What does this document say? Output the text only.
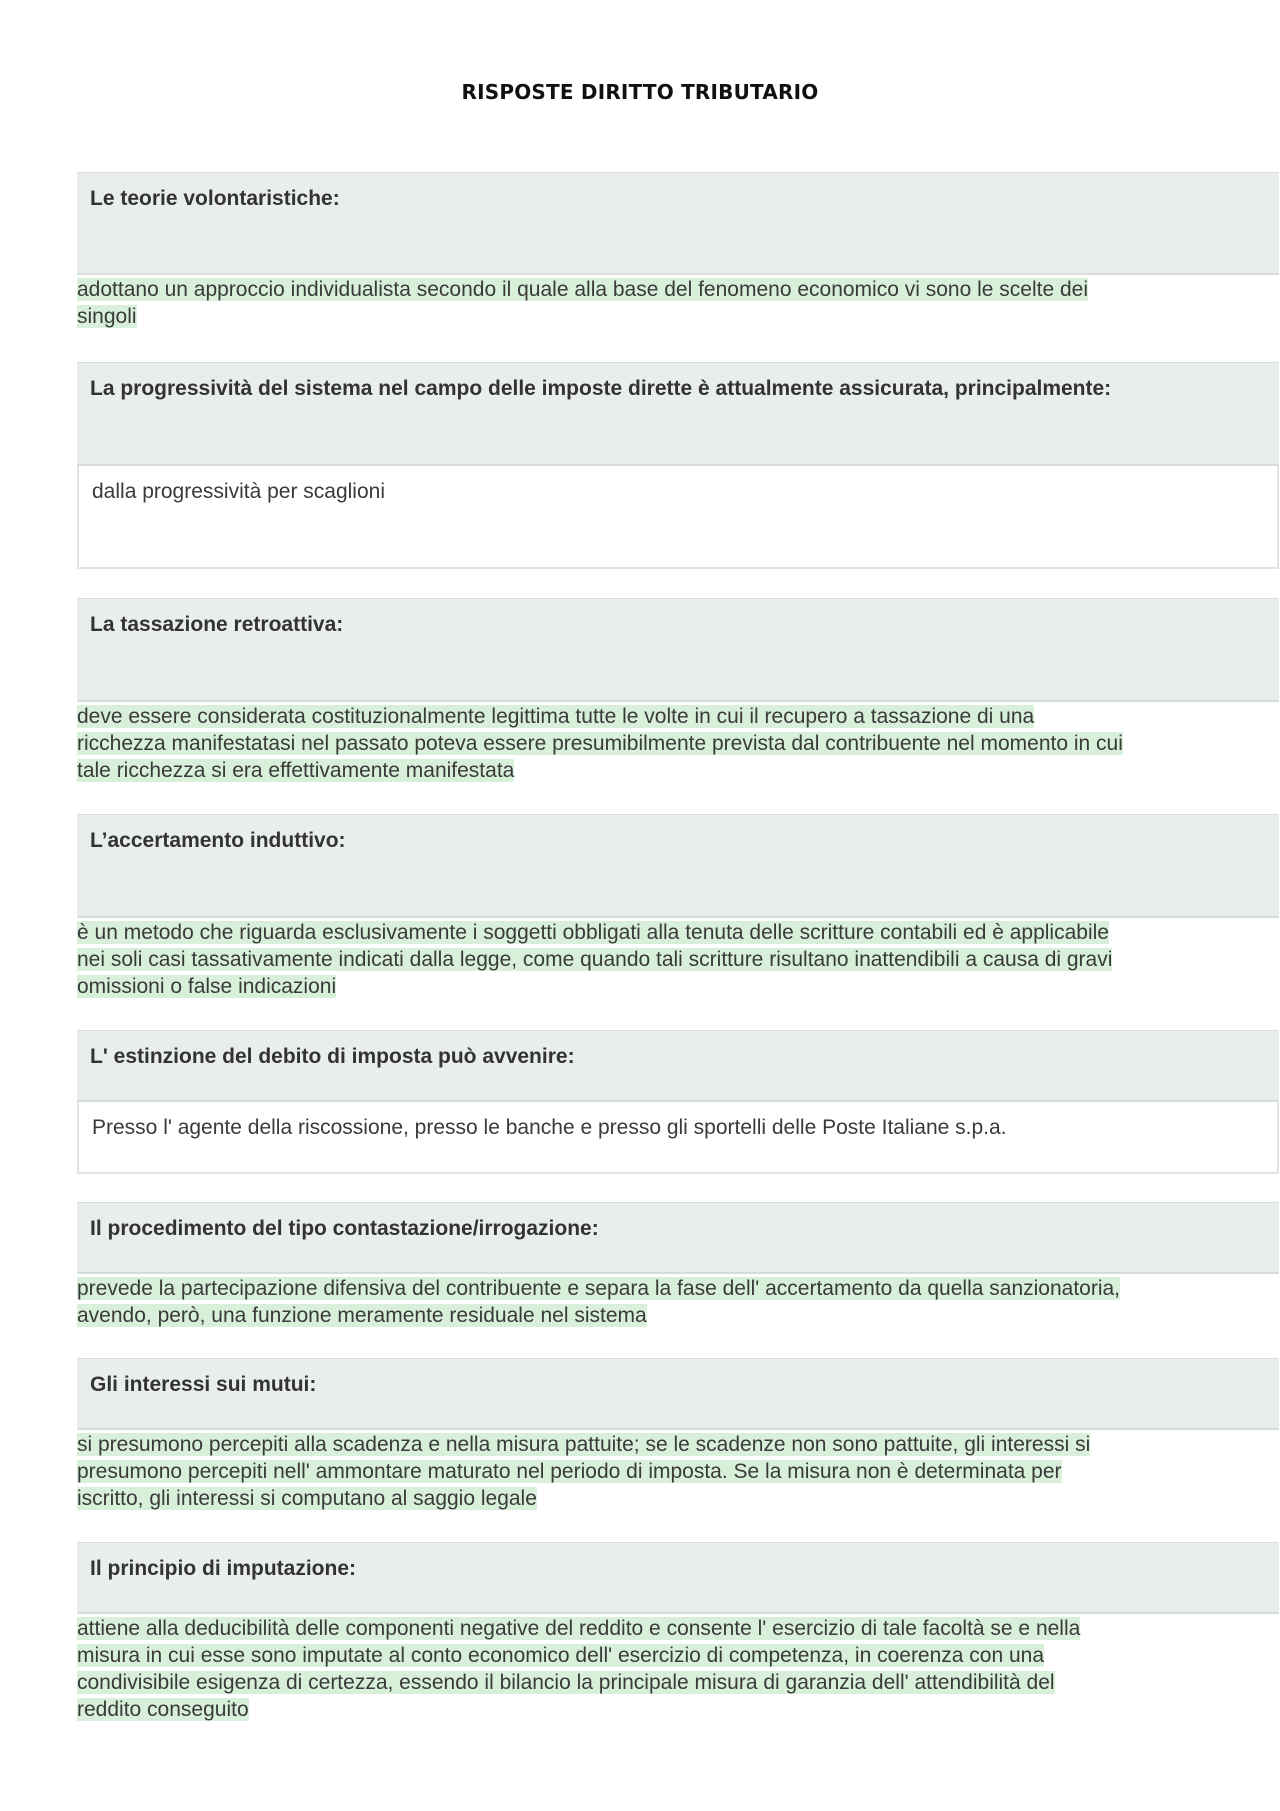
RISPOSTE DIRITTO TRIBUTARIO
Le teorie volontaristiche:
adottano un approccio individualista secondo il quale alla base del fenomeno economico vi sono le scelte dei
singoli
La progressività del sistema nel campo delle imposte dirette è attualmente assicurata, principalmente:
dalla progressività per scaglioni
La tassazione retroattiva:
deve essere considerata costituzionalmente legittima tutte le volte in cui il recupero a tassazione di una
ricchezza manifestatasi nel passato poteva essere presumibilmente prevista dal contribuente nel momento in cui
tale ricchezza si era effettivamente manifestata
L’accertamento induttivo:
è un metodo che riguarda esclusivamente i soggetti obbligati alla tenuta delle scritture contabili ed è applicabile
nei soli casi tassativamente indicati dalla legge, come quando tali scritture risultano inattendibili a causa di gravi
omissioni o false indicazioni
L' estinzione del debito di imposta può avvenire:
Presso l' agente della riscossione, presso le banche e presso gli sportelli delle Poste Italiane s.p.a.
Il procedimento del tipo contastazione/irrogazione:
prevede la partecipazione difensiva del contribuente e separa la fase dell' accertamento da quella sanzionatoria,
avendo, però, una funzione meramente residuale nel sistema
Gli interessi sui mutui:
si presumono percepiti alla scadenza e nella misura pattuite; se le scadenze non sono pattuite, gli interessi si
presumono percepiti nell' ammontare maturato nel periodo di imposta. Se la misura non è determinata per
iscritto, gli interessi si computano al saggio legale
Il principio di imputazione:
attiene alla deducibilità delle componenti negative del reddito e consente l' esercizio di tale facoltà se e nella
misura in cui esse sono imputate al conto economico dell' esercizio di competenza, in coerenza con una
condivisibile esigenza di certezza, essendo il bilancio la principale misura di garanzia dell' attendibilità del
reddito conseguito
